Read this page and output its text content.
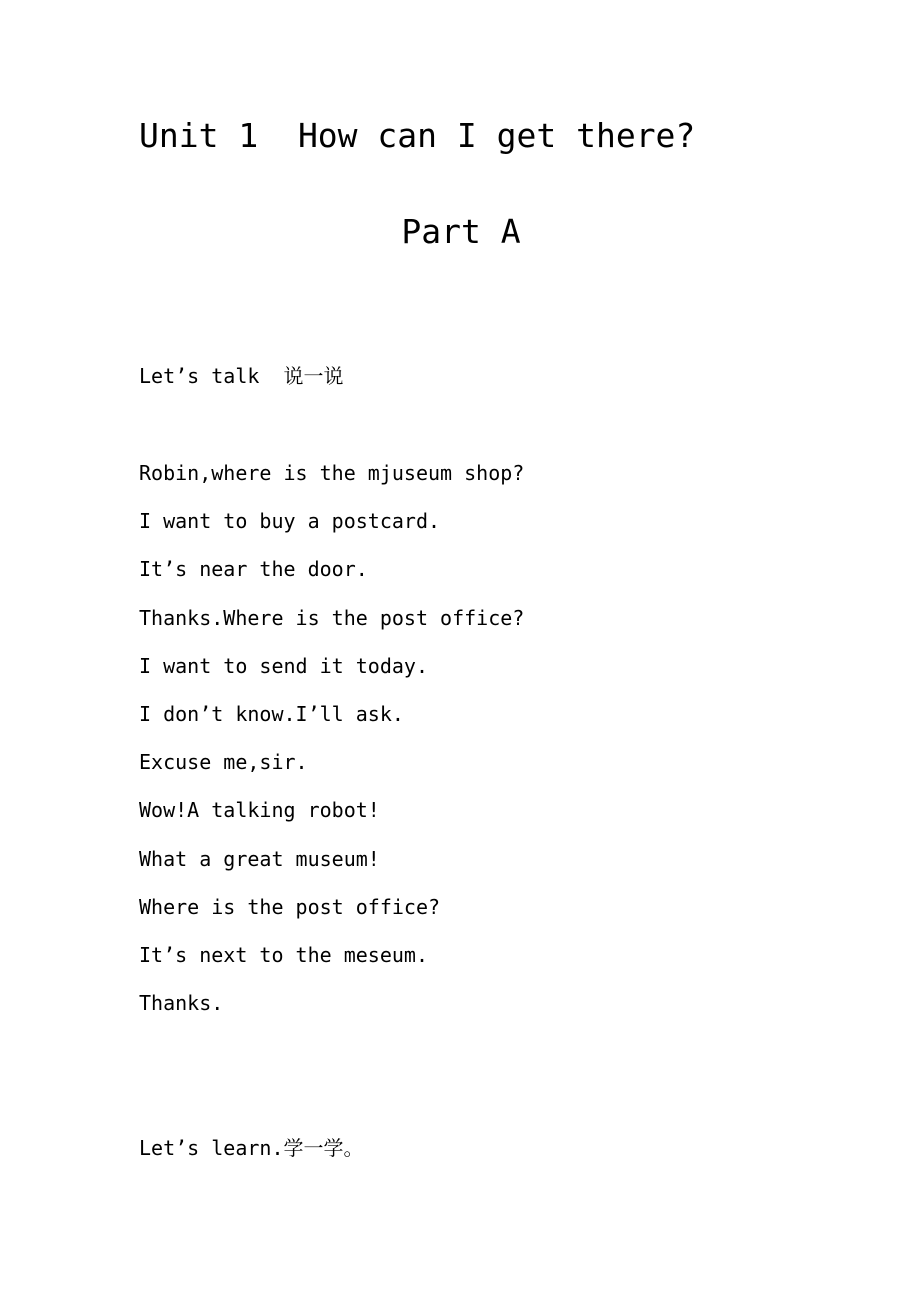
Unit 1  How can I get there?
Part A
Let’s talk  说一说
Robin,where is the mjuseum shop?
I want to buy a postcard.
It’s near the door.
Thanks.Where is the post office?
I want to send it today.
I don’t know.I’ll ask.
Excuse me,sir.
Wow!A talking robot!
What a great museum!
Where is the post office?
It’s next to the meseum.
Thanks.
Let’s learn.学一学。
